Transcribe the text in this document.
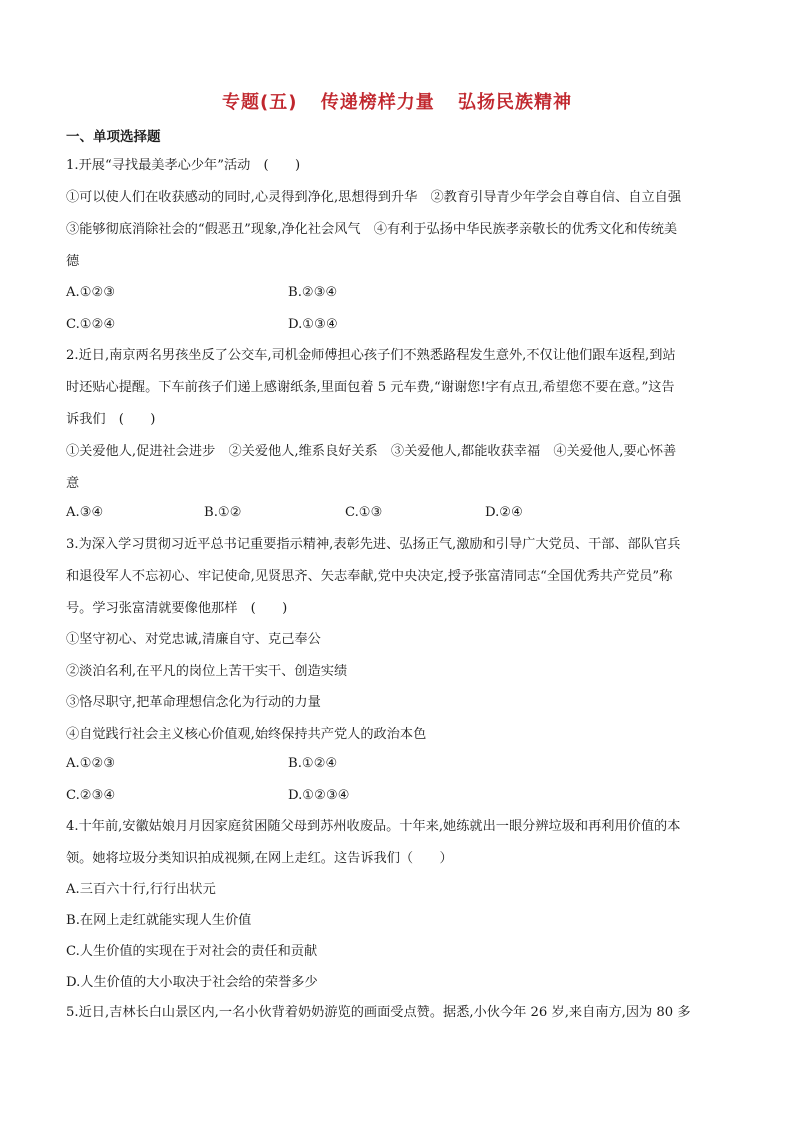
专题(五) 传递榜样力量 弘扬民族精神
一、单项选择题
1.开展“寻找最美孝心少年”活动　(　　)
①可以使人们在收获感动的同时,心灵得到净化,思想得到升华　②教育引导青少年学会自尊自信、自立自强
③能够彻底消除社会的“假恶丑”现象,净化社会风气　④有利于弘扬中华民族孝亲敬长的优秀文化和传统美
德
A.①②③	B.②③④
C.①②④	D.①③④
2.近日,南京两名男孩坐反了公交车,司机金师傅担心孩子们不熟悉路程发生意外,不仅让他们跟车返程,到站
时还贴心提醒。下车前孩子们递上感谢纸条,里面包着 5 元车费,“谢谢您!字有点丑,希望您不要在意。”这告
诉我们　(　　)
①关爱他人,促进社会进步　②关爱他人,维系良好关系　③关爱他人,都能收获幸福　④关爱他人,要心怀善
意
A.③④	B.①②	C.①③	D.②④
3.为深入学习贯彻习近平总书记重要指示精神,表彰先进、弘扬正气,激励和引导广大党员、干部、部队官兵
和退役军人不忘初心、牢记使命,见贤思齐、矢志奉献,党中央决定,授予张富清同志“全国优秀共产党员”称
号。学习张富清就要像他那样　(　　)
①坚守初心、对党忠诚,清廉自守、克己奉公
②淡泊名利,在平凡的岗位上苦干实干、创造实绩
③恪尽职守,把革命理想信念化为行动的力量
④自觉践行社会主义核心价值观,始终保持共产党人的政治本色
A.①②③	B.①②④
C.②③④	D.①②③④
4.十年前,安徽姑娘月月因家庭贫困随父母到苏州收废品。十年来,她练就出一眼分辨垃圾和再利用价值的本
领。她将垃圾分类知识拍成视频,在网上走红。这告诉我们（　　）
A.三百六十行,行行出状元
B.在网上走红就能实现人生价值
C.人生价值的实现在于对社会的责任和贡献
D.人生价值的大小取决于社会给的荣誉多少
5.近日,吉林长白山景区内,一名小伙背着奶奶游览的画面受点赞。据悉,小伙今年 26 岁,来自南方,因为 80 多
